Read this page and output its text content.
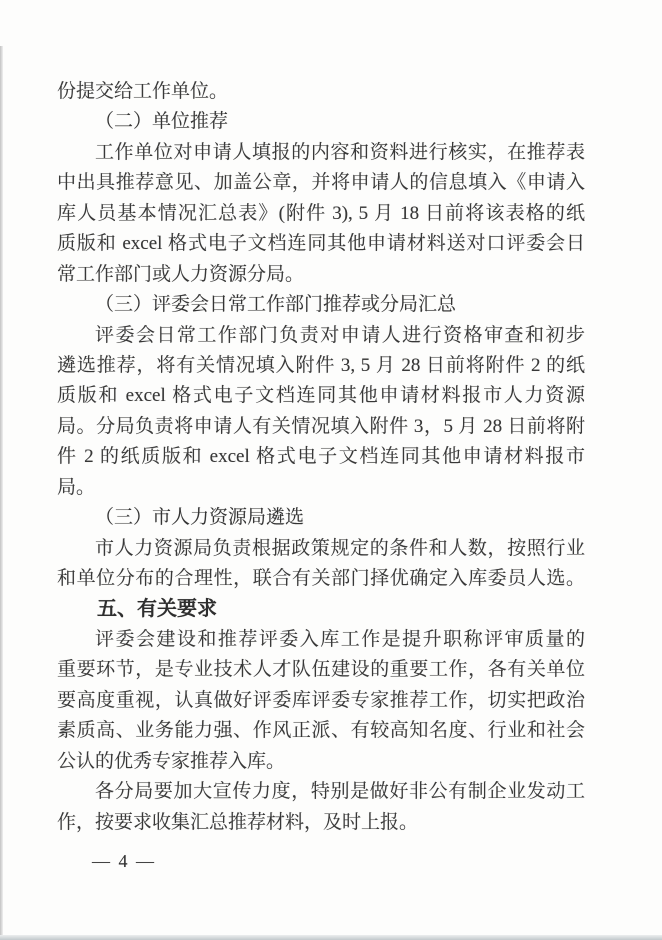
份提交给工作单位。

（二）单位推荐

工作单位对申请人填报的内容和资料进行核实，在推荐表

中出具推荐意见、加盖公章，并将申请人的信息填入《申请入

库人员基本情况汇总表》(附件 3), 5 月 18 日前将该表格的纸

质版和 excel 格式电子文档连同其他申请材料送对口评委会日

常工作部门或人力资源分局。

（三）评委会日常工作部门推荐或分局汇总

评委会日常工作部门负责对申请人进行资格审查和初步

遴选推荐，将有关情况填入附件 3, 5 月 28 日前将附件 2 的纸

质版和 excel 格式电子文档连同其他申请材料报市人力资源

局。分局负责将申请人有关情况填入附件 3，5 月 28 日前将附

件 2 的纸质版和 excel 格式电子文档连同其他申请材料报市

局。

（三）市人力资源局遴选

市人力资源局负责根据政策规定的条件和人数，按照行业

和单位分布的合理性，联合有关部门择优确定入库委员人选。

五、有关要求

评委会建设和推荐评委入库工作是提升职称评审质量的

重要环节，是专业技术人才队伍建设的重要工作，各有关单位

要高度重视，认真做好评委库评委专家推荐工作，切实把政治

素质高、业务能力强、作风正派、有较高知名度、行业和社会

公认的优秀专家推荐入库。

各分局要加大宣传力度，特别是做好非公有制企业发动工

作，按要求收集汇总推荐材料，及时上报。

— 4 —
